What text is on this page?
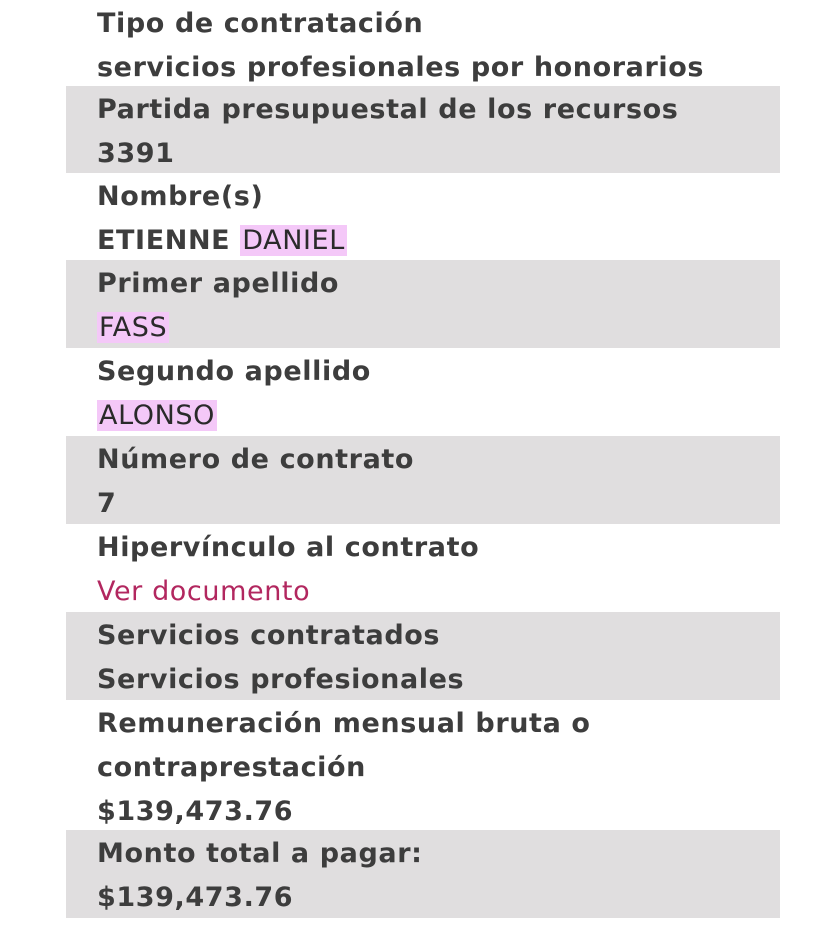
Tipo de contratación
servicios profesionales por honorarios
Partida presupuestal de los recursos
3391
Nombre(s)
ETIENNE DANIEL
Primer apellido
FASS
Segundo apellido
ALONSO
Número de contrato
7
Hipervínculo al contrato
Ver documento
Servicios contratados
Servicios profesionales
Remuneración mensual bruta o
contraprestación
$139,473.76
Monto total a pagar:
$139,473.76
